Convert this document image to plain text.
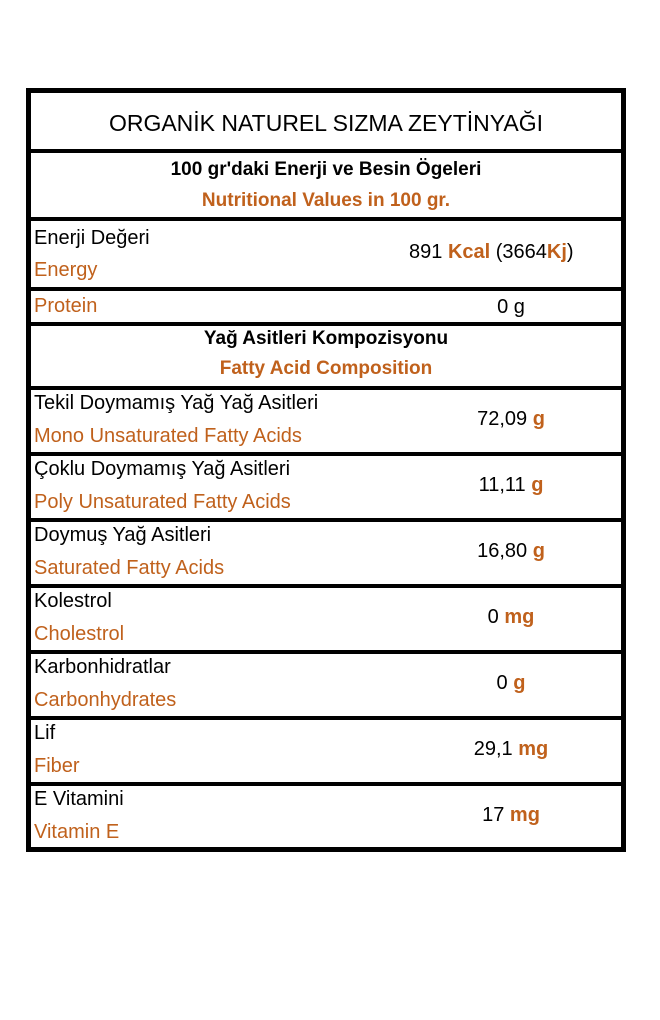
ORGANİK NATUREL SIZMA ZEYTİNYAĞI
100 gr'daki Enerji ve Besin Ögeleri
Nutritional Values in 100 gr.
Enerji Değeri
Energy
891 Kcal (3664Kj)
Protein	0 g
Yağ Asitleri Kompozisyonu
Fatty Acid Composition
Tekil Doymamış Yağ Yağ Asitleri
Mono Unsaturated Fatty Acids
72,09 g
Çoklu Doymamış Yağ Asitleri
Poly Unsaturated Fatty Acids
11,11 g
Doymuş Yağ Asitleri
Saturated Fatty Acids
16,80 g
Kolestrol
Cholestrol
0 mg
Karbonhidratlar
Carbonhydrates
0 g
Lif
Fiber
29,1 mg
E Vitamini
Vitamin E
17 mg
